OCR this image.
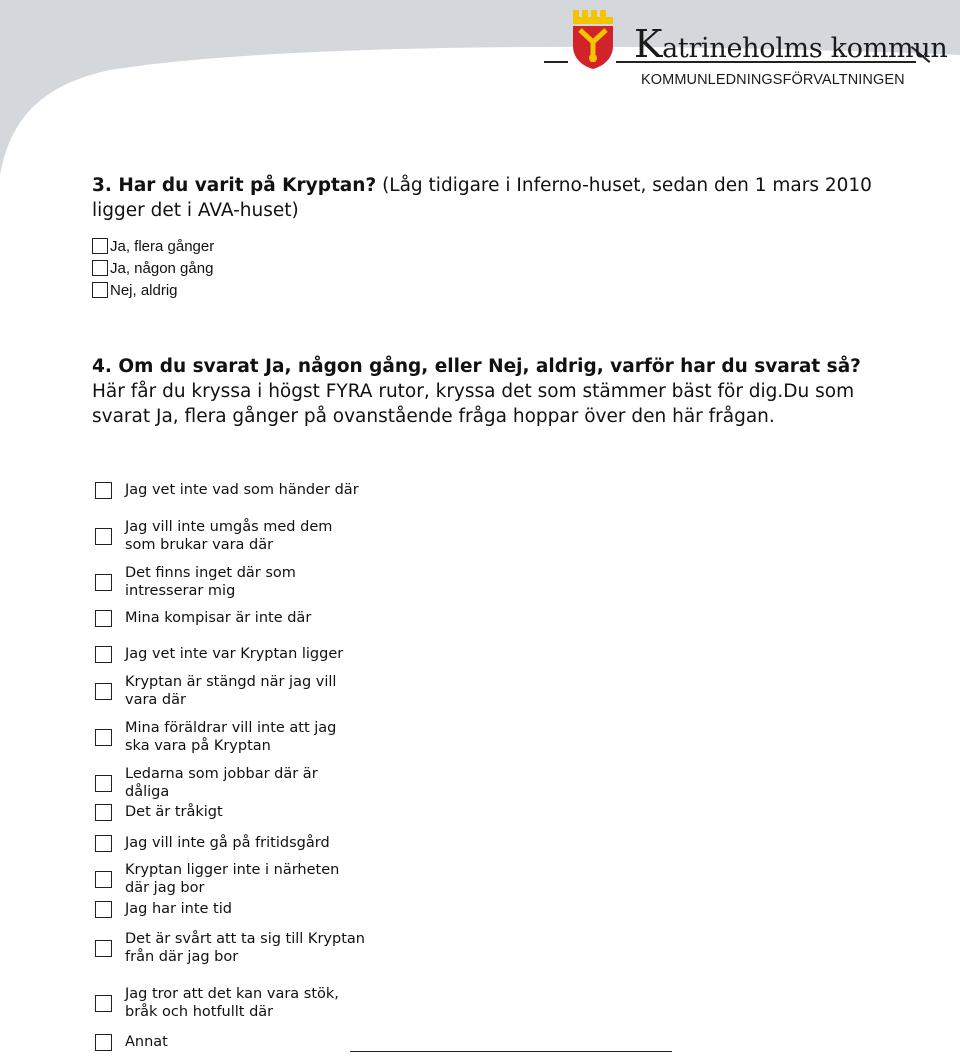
Katrineholms kommun
KOMMUNLEDNINGSFÖRVALTNINGEN

3. Har du varit på Kryptan? (Låg tidigare i Inferno-huset, sedan den 1 mars 2010 ligger det i AVA-huset)

Ja, flera gånger
Ja, någon gång
Nej, aldrig

4. Om du svarat Ja, någon gång, eller Nej, aldrig, varför har du svarat så?

Här får du kryssa i högst FYRA rutor, kryssa det som stämmer bäst för dig.Du som svarat Ja, flera gånger på ovanstående fråga hoppar över den här frågan.

Jag vet inte vad som händer där
Jag vill inte umgås med dem som brukar vara där
Det finns inget där som intresserar mig
Mina kompisar är inte där
Jag vet inte var Kryptan ligger
Kryptan är stängd när jag vill vara där
Mina föräldrar vill inte att jag ska vara på Kryptan
Ledarna som jobbar där är dåliga
Det är tråkigt
Jag vill inte gå på fritidsgård
Kryptan ligger inte i närheten där jag bor
Jag har inte tid
Det är svårt att ta sig till Kryptan från där jag bor
Jag tror att det kan vara stök, bråk och hotfullt där
Annat
